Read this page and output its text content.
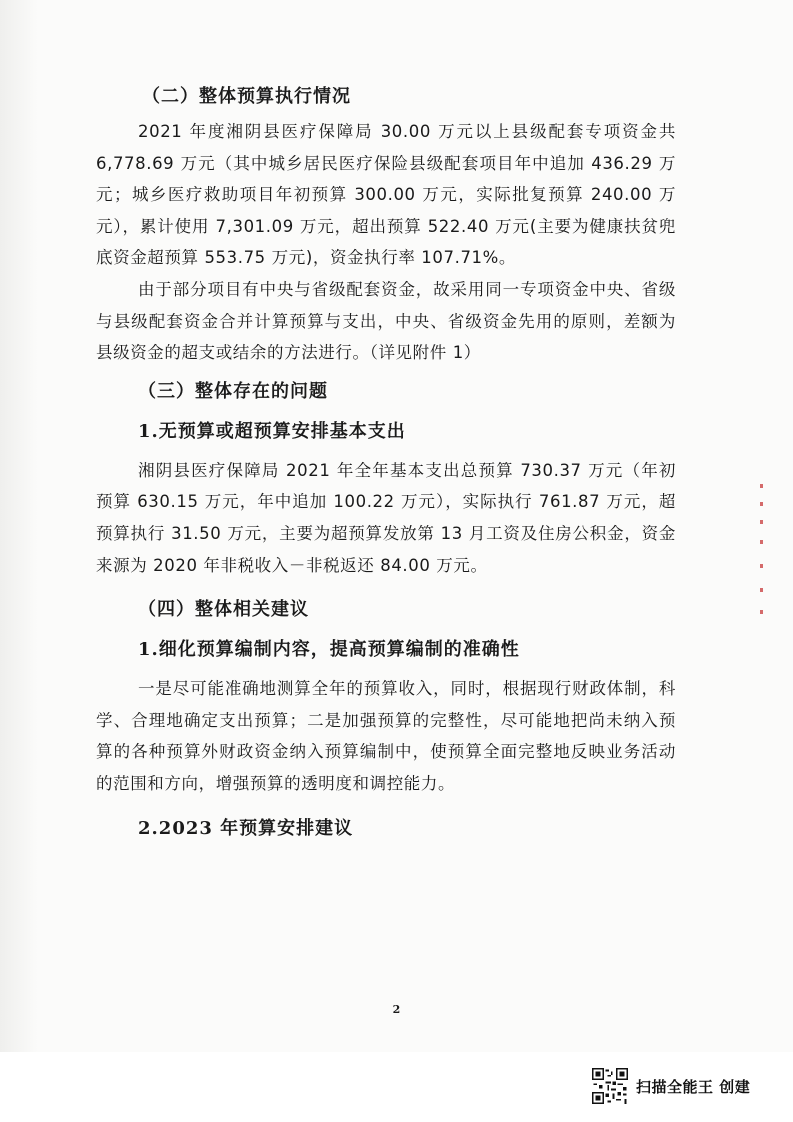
（二）整体预算执行情况

2021 年度湘阴县医疗保障局 30.00 万元以上县级配套专项资金共 6,778.69 万元（其中城乡居民医疗保险县级配套项目年中追加 436.29 万元；城乡医疗救助项目年初预算 300.00 万元，实际批复预算 240.00 万元），累计使用 7,301.09 万元，超出预算 522.40 万元(主要为健康扶贫兜底资金超预算 553.75 万元)，资金执行率 107.71%。

由于部分项目有中央与省级配套资金，故采用同一专项资金中央、省级与县级配套资金合并计算预算与支出，中央、省级资金先用的原则，差额为县级资金的超支或结余的方法进行。（详见附件 1）

（三）整体存在的问题
1.无预算或超预算安排基本支出

湘阴县医疗保障局 2021 年全年基本支出总预算 730.37 万元（年初预算 630.15 万元，年中追加 100.22 万元），实际执行 761.87 万元，超预算执行 31.50 万元，主要为超预算发放第 13 月工资及住房公积金，资金来源为 2020 年非税收入－非税返还 84.00 万元。

（四）整体相关建议
1.细化预算编制内容，提高预算编制的准确性

一是尽可能准确地测算全年的预算收入，同时，根据现行财政体制，科学、合理地确定支出预算；二是加强预算的完整性，尽可能地把尚未纳入预算的各种预算外财政资金纳入预算编制中，使预算全面完整地反映业务活动的范围和方向，增强预算的透明度和调控能力。

2.2023 年预算安排建议
2
扫描全能王 创建
